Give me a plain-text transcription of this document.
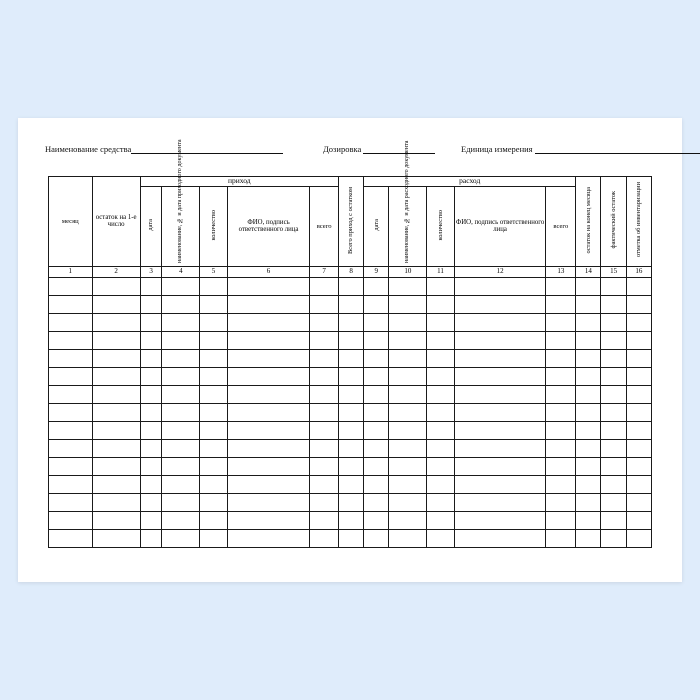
Наименование средства	Дозировка	Единица измерения
месяц	остаток на 1-е число	приход					Всего приход с остатком	расход					остаток на конец месяца	фактический остаток	отметка об инвентаризации
		дата	наименование, № и дата приходного документа	количество	ФИО, подпись ответственного лица	всего		дата	наименование, № и дата расходного документа	количество	ФИО, подпись ответственного лица	всего			
1	2	3	4	5	6	7	8	9	10	11	12	13	14	15	16
